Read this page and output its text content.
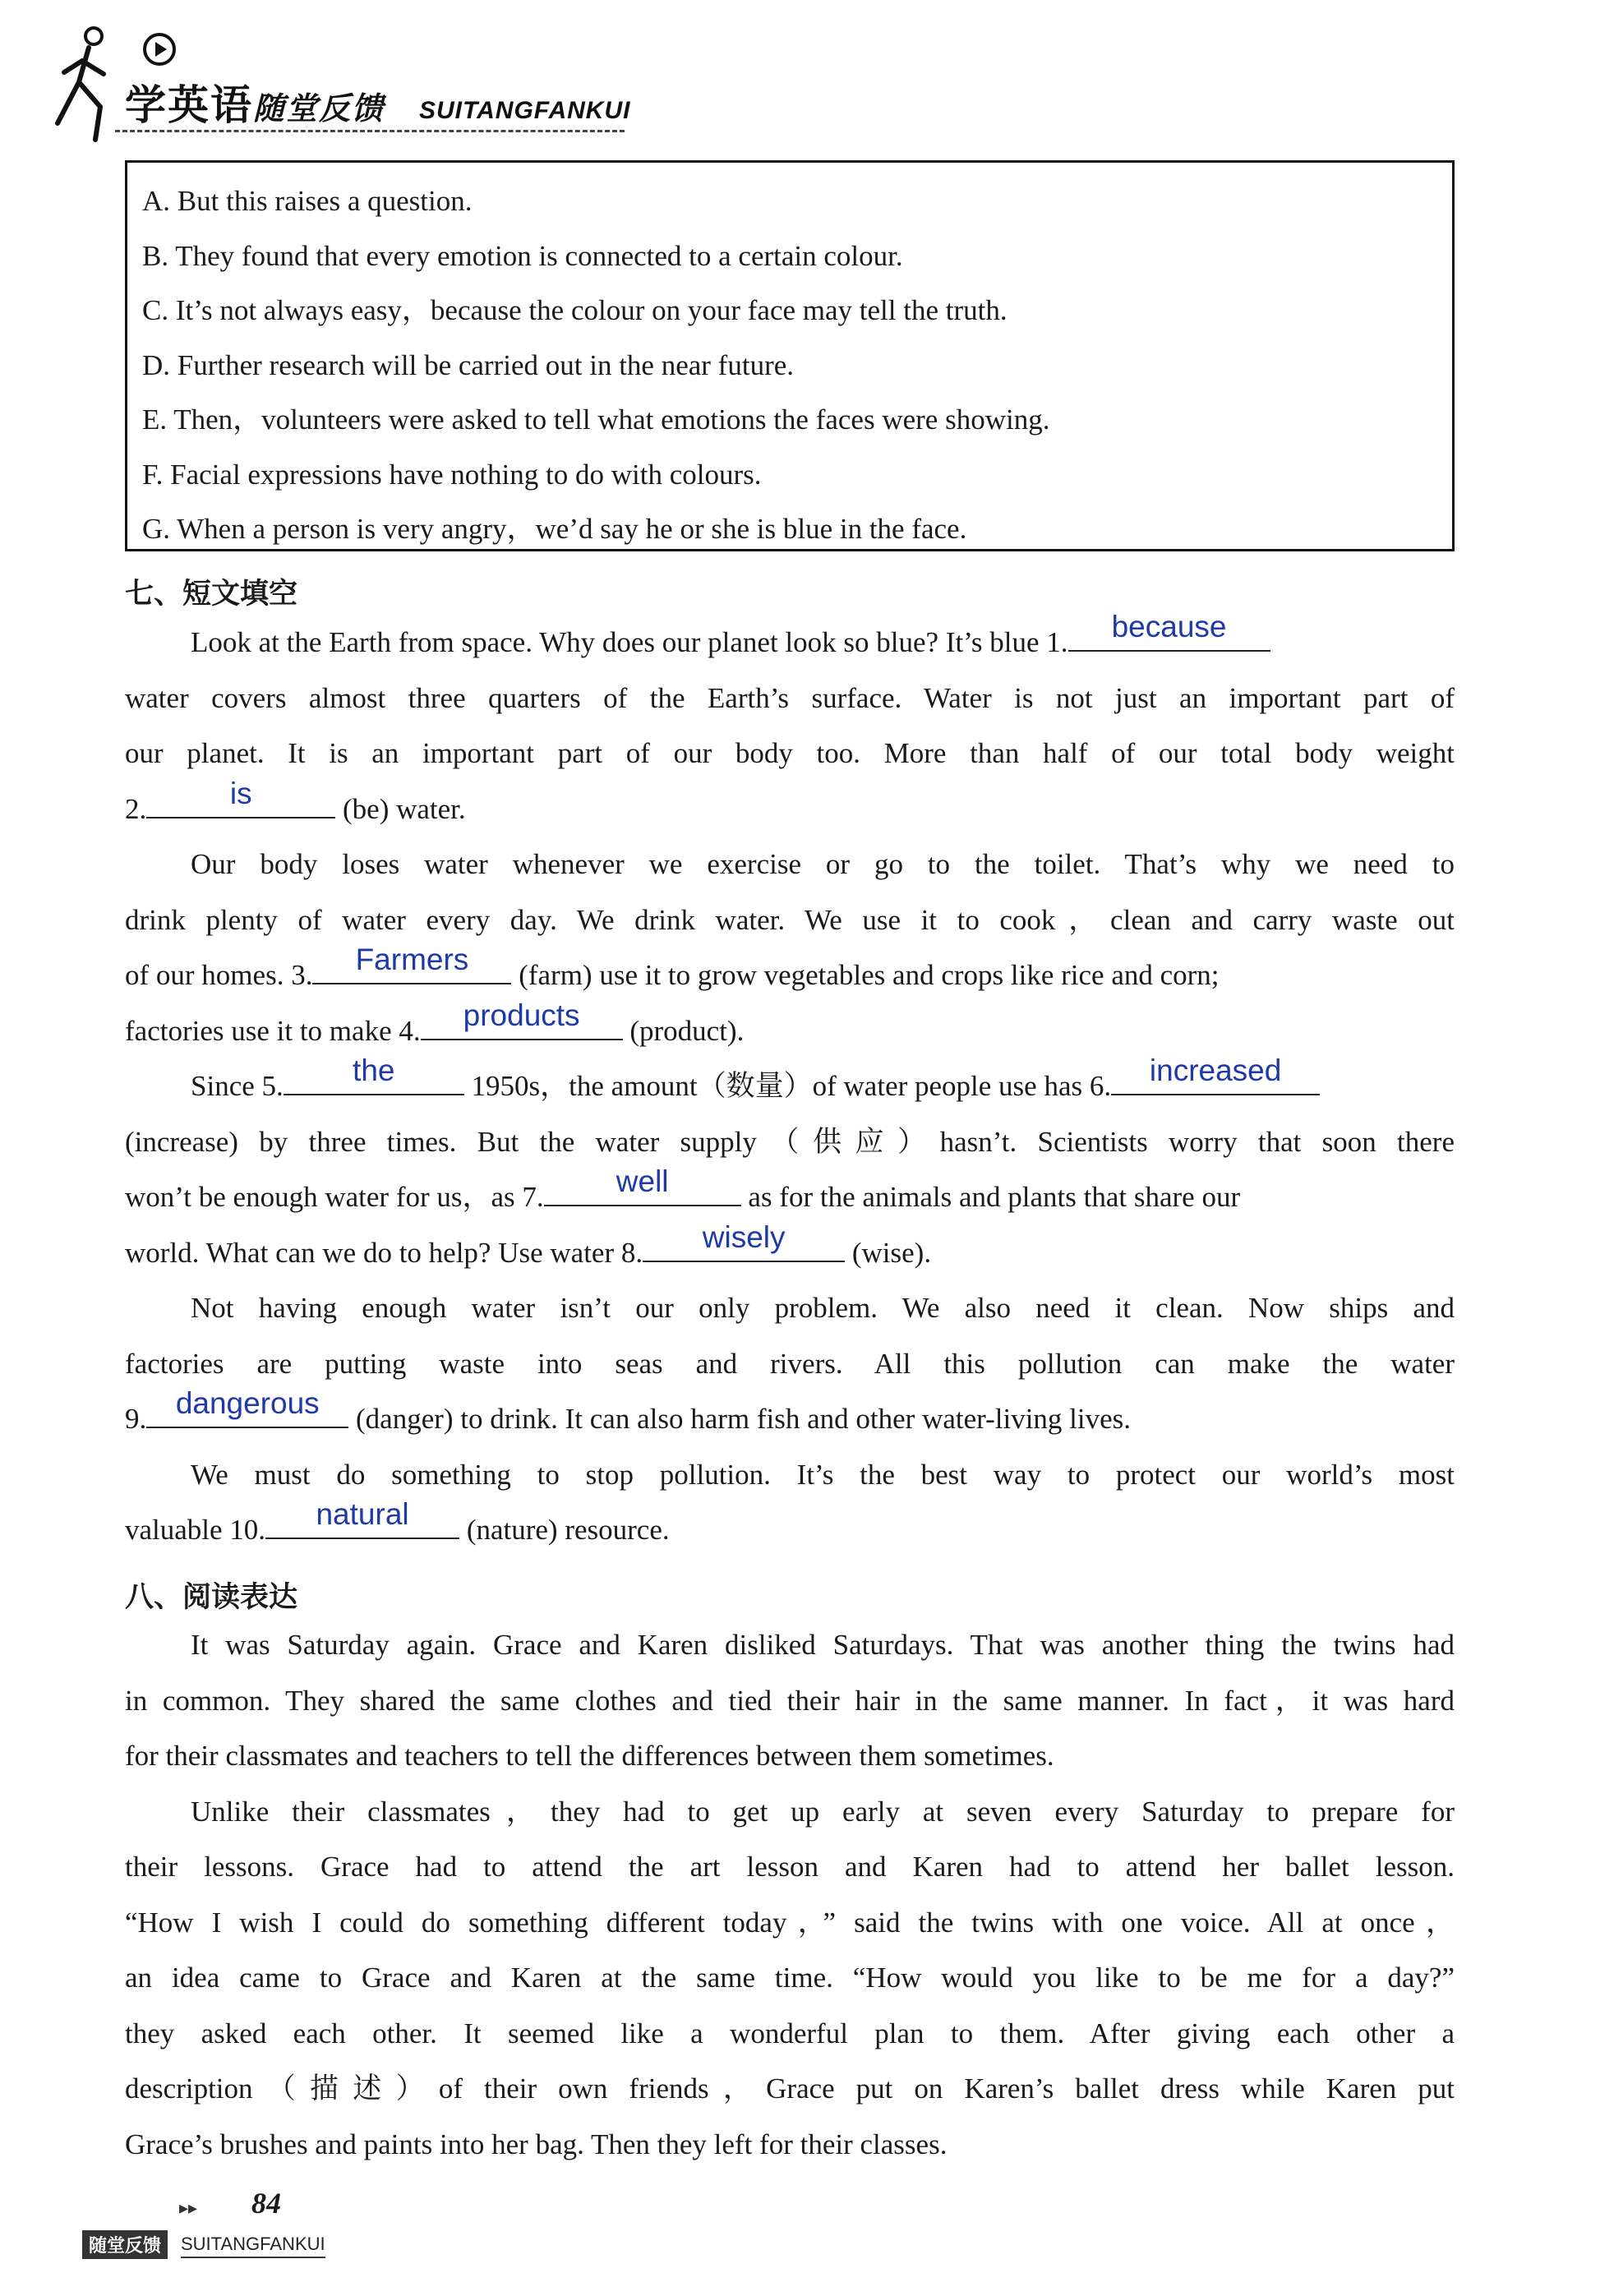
学英语随堂反馈 SUITANGFANKUI
A. But this raises a question.
B. They found that every emotion is connected to a certain colour.
C. It’s not always easy，because the colour on your face may tell the truth.
D. Further research will be carried out in the near future.
E. Then，volunteers were asked to tell what emotions the faces were showing.
F. Facial expressions have nothing to do with colours.
G. When a person is very angry，we’d say he or she is blue in the face.
七、短文填空
Look at the Earth from space. Why does our planet look so blue? It’s blue 1.	because
water covers almost three quarters of the Earth’s surface. Water is not just an important part of
our planet. It is an important part of our body too. More than half of our total body weight
2.	is	(be) water.
Our body loses water whenever we exercise or go to the toilet. That’s why we need to
drink plenty of water every day. We drink water. We use it to cook，clean and carry waste out
of our homes. 3.	Farmers	(farm) use it to grow vegetables and crops like rice and corn;
factories use it to make 4.	products	(product).
Since 5.	the	1950s，the amount（数量）of water people use has 6.	increased
(increase) by three times. But the water supply（供应）hasn’t. Scientists worry that soon there
won’t be enough water for us，as 7.	well	as for the animals and plants that share our
world. What can we do to help? Use water 8.	wisely	(wise).
Not having enough water isn’t our only problem. We also need it clean. Now ships and
factories are putting waste into seas and rivers. All this pollution can make the water
9. dangerous	(danger) to drink. It can also harm fish and other water-living lives.
We must do something to stop pollution. It’s the best way to protect our world’s most
valuable 10.	natural	(nature) resource.
八、阅读表达
It was Saturday again. Grace and Karen disliked Saturdays. That was another thing the twins had
in common. They shared the same clothes and tied their hair in the same manner. In fact，it was hard
for their classmates and teachers to tell the differences between them sometimes.
Unlike their classmates，they had to get up early at seven every Saturday to prepare for
their lessons. Grace had to attend the art lesson and Karen had to attend her ballet lesson.
“How I wish I could do something different today，” said the twins with one voice. All at once，
an idea came to Grace and Karen at the same time. “How would you like to be me for a day?”
they asked each other. It seemed like a wonderful plan to them. After giving each other a
description（描述）of their own friends，Grace put on Karen’s ballet dress while Karen put
Grace’s brushes and paints into her bag. Then they left for their classes.
▸▸ 84
随堂反馈	SUITANGFANKUI
